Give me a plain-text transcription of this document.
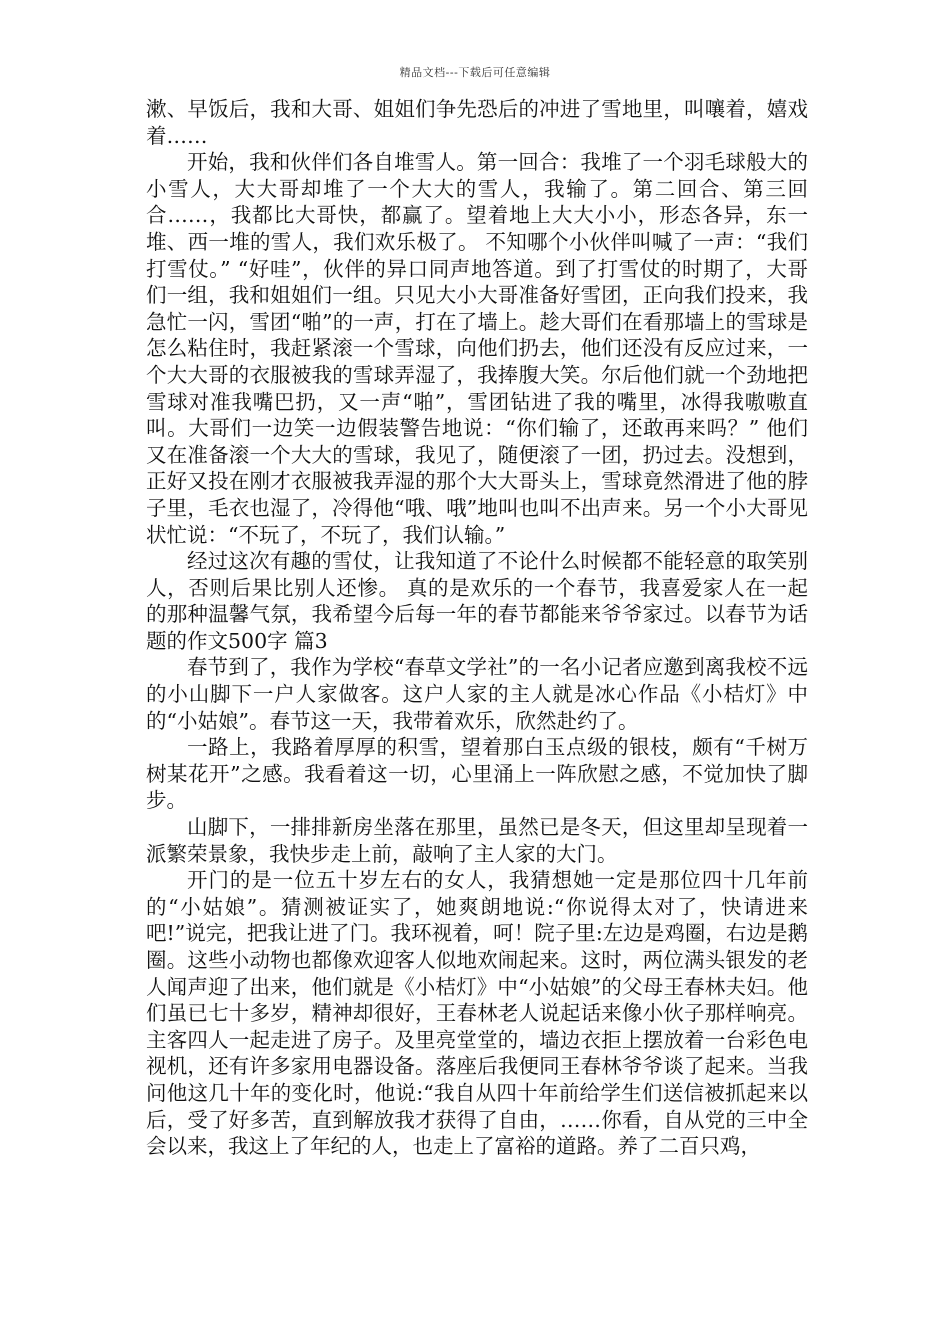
精品文档---下载后可任意编辑

漱、早饭后，我和大哥、姐姐们争先恐后的冲进了雪地里，叫嚷着，嬉戏着……

开始，我和伙伴们各自堆雪人。第一回合：我堆了一个羽毛球般大的小雪人，大大哥却堆了一个大大的雪人，我输了。第二回合、第三回合……，我都比大哥快，都赢了。望着地上大大小小，形态各异，东一堆、西一堆的雪人，我们欢乐极了。 不知哪个小伙伴叫喊了一声：“我们打雪仗。” “好哇”，伙伴的异口同声地答道。到了打雪仗的时期了，大哥们一组，我和姐姐们一组。只见大小大哥准备好雪团，正向我们投来，我急忙一闪，雪团“啪”的一声，打在了墙上。趁大哥们在看那墙上的雪球是怎么粘住时，我赶紧滚一个雪球，向他们扔去，他们还没有反应过来，一个大大哥的衣服被我的雪球弄湿了，我捧腹大笑。尔后他们就一个劲地把雪球对准我嘴巴扔，又一声“啪”，雪团钻进了我的嘴里，冰得我嗷嗷直叫。大哥们一边笑一边假装警告地说：“你们输了，还敢再来吗？” 他们又在准备滚一个大大的雪球，我见了，随便滚了一团，扔过去。没想到，正好又投在刚才衣服被我弄湿的那个大大哥头上，雪球竟然滑进了他的脖子里，毛衣也湿了，冷得他“哦、哦”地叫也叫不出声来。另一个小大哥见状忙说：“不玩了，不玩了，我们认输。”

经过这次有趣的雪仗，让我知道了不论什么时候都不能轻意的取笑别人，否则后果比别人还惨。 真的是欢乐的一个春节，我喜爱家人在一起的那种温馨气氛，我希望今后每一年的春节都能来爷爷家过。以春节为话题的作文500字 篇3

春节到了，我作为学校“春草文学社”的一名小记者应邀到离我校不远的小山脚下一户人家做客。这户人家的主人就是冰心作品《小桔灯》中的“小姑娘”。春节这一天，我带着欢乐，欣然赴约了。

一路上，我路着厚厚的积雪，望着那白玉点级的银枝，颇有“千树万树某花开”之感。我看着这一切，心里涌上一阵欣慰之感，不觉加快了脚步。

山脚下，一排排新房坐落在那里，虽然已是冬天，但这里却呈现着一派繁荣景象，我快步走上前，敲响了主人家的大门。

开门的是一位五十岁左右的女人，我猜想她一定是那位四十几年前的“小姑娘”。猜测被证实了，她爽朗地说:“你说得太对了，快请进来吧!”说完，把我让进了门。我环视着，呵！院子里:左边是鸡圈，右边是鹅圈。这些小动物也都像欢迎客人似地欢闹起来。这时，两位满头银发的老人闻声迎了出来，他们就是《小桔灯》中“小姑娘”的父母王春林夫妇。他们虽已七十多岁，精神却很好，王春林老人说起话来像小伙子那样响亮。主客四人一起走进了房子。及里亮堂堂的，墙边衣拒上摆放着一台彩色电视机，还有许多家用电器设备。落座后我便同王春林爷爷谈了起来。当我问他这几十年的变化时，他说:“我自从四十年前给学生们送信被抓起来以后，受了好多苦，直到解放我才获得了自由，……你看，自从党的三中全会以来，我这上了年纪的人，也走上了富裕的道路。养了二百只鸡，
